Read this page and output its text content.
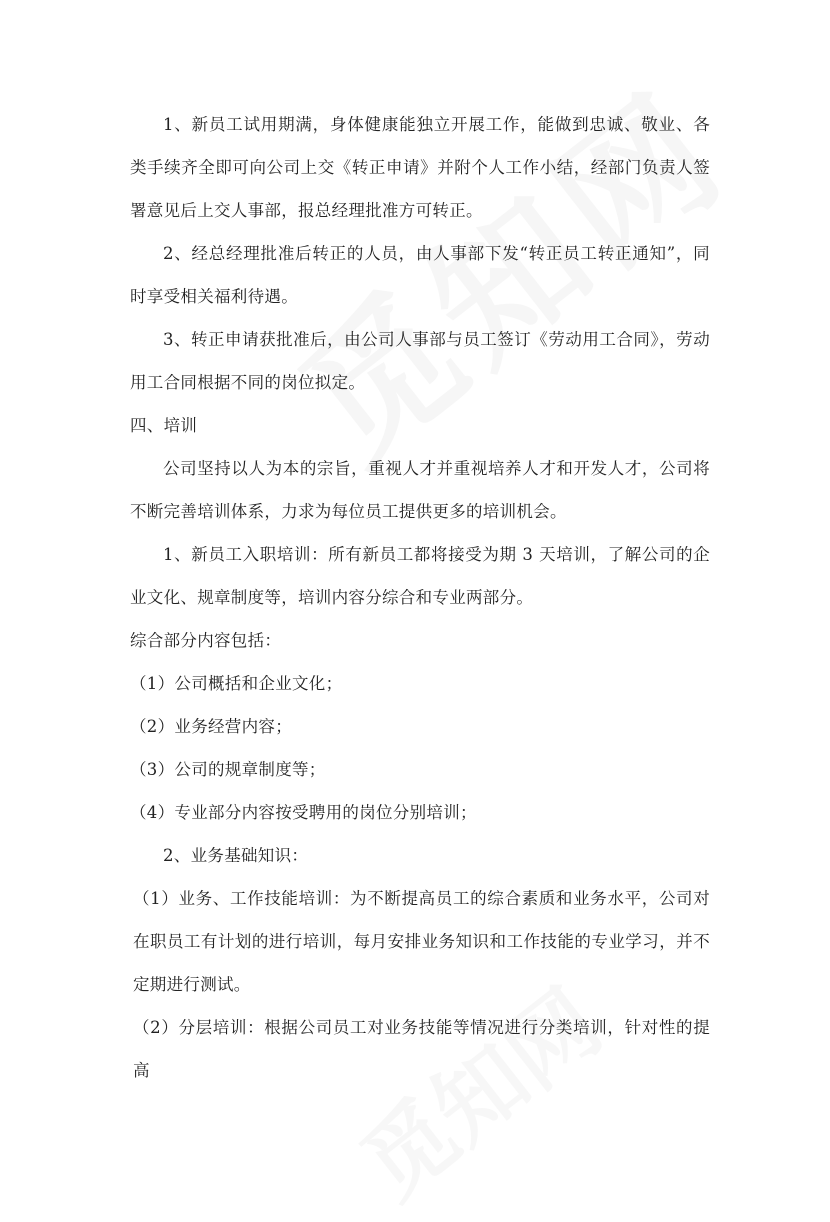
1、新员工试用期满，身体健康能独立开展工作，能做到忠诚、敬业、各类手续齐全即可向公司上交《转正申请》并附个人工作小结，经部门负责人签署意见后上交人事部，报总经理批准方可转正。

2、经总经理批准后转正的人员，由人事部下发“转正员工转正通知”，同时享受相关福利待遇。

3、转正申请获批准后，由公司人事部与员工签订《劳动用工合同》，劳动用工合同根据不同的岗位拟定。

四、培训

公司坚持以人为本的宗旨，重视人才并重视培养人才和开发人才，公司将不断完善培训体系，力求为每位员工提供更多的培训机会。

1、新员工入职培训：所有新员工都将接受为期 3 天培训，了解公司的企业文化、规章制度等，培训内容分综合和专业两部分。

综合部分内容包括：

（1）公司概括和企业文化；

（2）业务经营内容；

（3）公司的规章制度等；

（4）专业部分内容按受聘用的岗位分别培训；

2、业务基础知识：

（1）业务、工作技能培训：为不断提高员工的综合素质和业务水平，公司对在职员工有计划的进行培训，每月安排业务知识和工作技能的专业学习，并不定期进行测试。

（2）分层培训：根据公司员工对业务技能等情况进行分类培训，针对性的提高
